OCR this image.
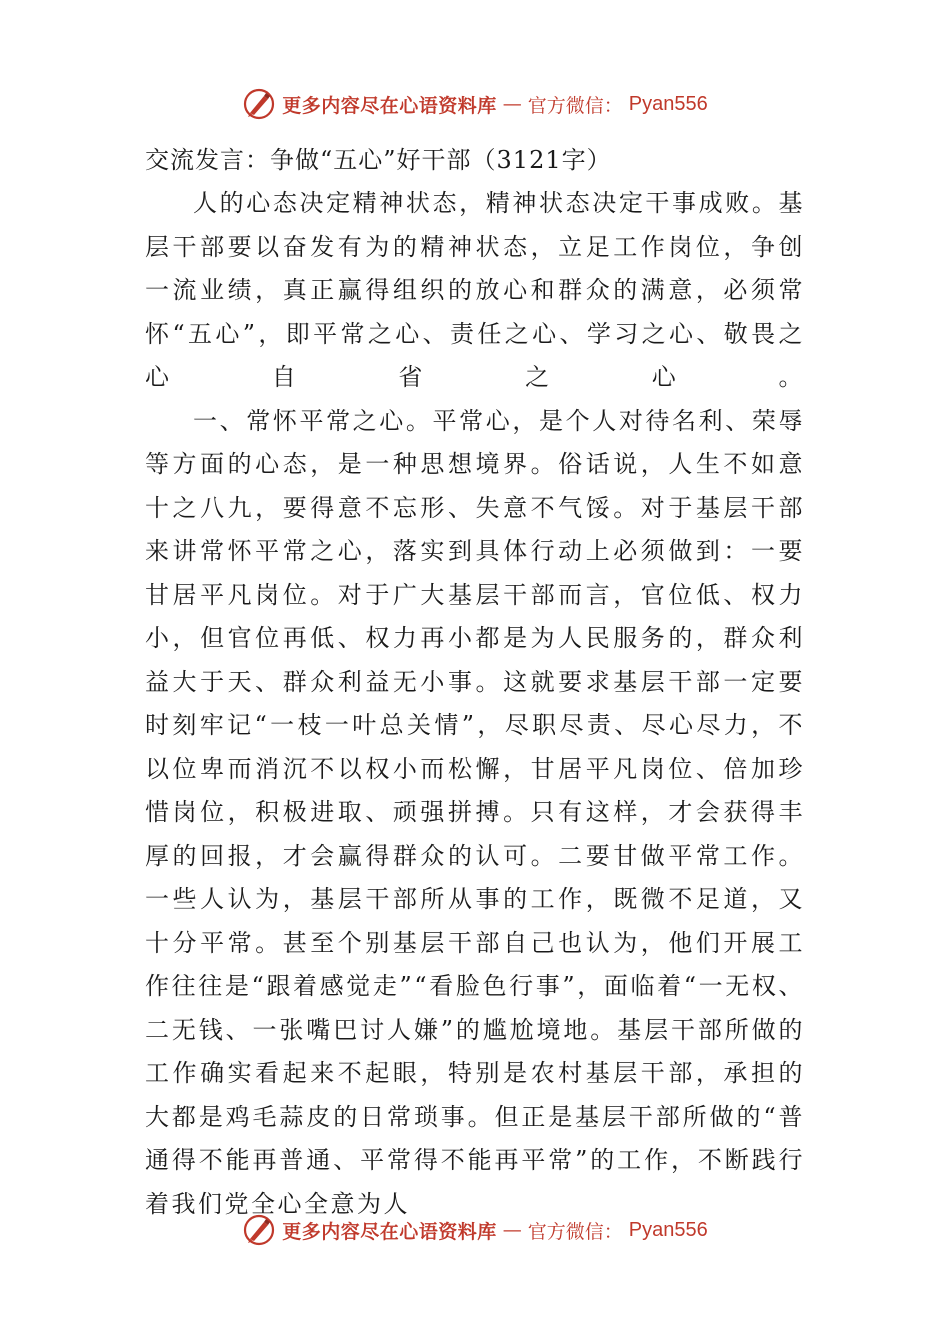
更多内容尽在心语资料库 — 官方微信： Pyan556
交流发言：争做“五心”好干部（3121字）
人的心态决定精神状态，精神状态决定干事成败。基层干部要以奋发有为的精神状态，立足工作岗位，争创一流业绩，真正赢得组织的放心和群众的满意，必须常怀“五心”，即平常之心、责任之心、学习之心、敬畏之心自省之心。
一、常怀平常之心。平常心，是个人对待名利、荣辱等方面的心态，是一种思想境界。俗话说，人生不如意十之八九，要得意不忘形、失意不气馁。对于基层干部来讲常怀平常之心，落实到具体行动上必须做到：一要甘居平凡岗位。对于广大基层干部而言，官位低、权力小，但官位再低、权力再小都是为人民服务的，群众利益大于天、群众利益无小事。这就要求基层干部一定要时刻牢记“一枝一叶总关情”，尽职尽责、尽心尽力，不以位卑而消沉不以权小而松懈，甘居平凡岗位、倍加珍惜岗位，积极进取、顽强拼搏。只有这样，才会获得丰厚的回报，才会赢得群众的认可。二要甘做平常工作。一些人认为，基层干部所从事的工作，既微不足道，又十分平常。甚至个别基层干部自己也认为，他们开展工作往往是“跟着感觉走”“看脸色行事”，面临着“一无权、二无钱、一张嘴巴讨人嫌”的尴尬境地。基层干部所做的工作确实看起来不起眼，特别是农村基层干部，承担的大都是鸡毛蒜皮的日常琐事。但正是基层干部所做的“普通得不能再普通、平常得不能再平常”的工作，不断践行着我们党全心全意为人
更多内容尽在心语资料库 — 官方微信： Pyan556
